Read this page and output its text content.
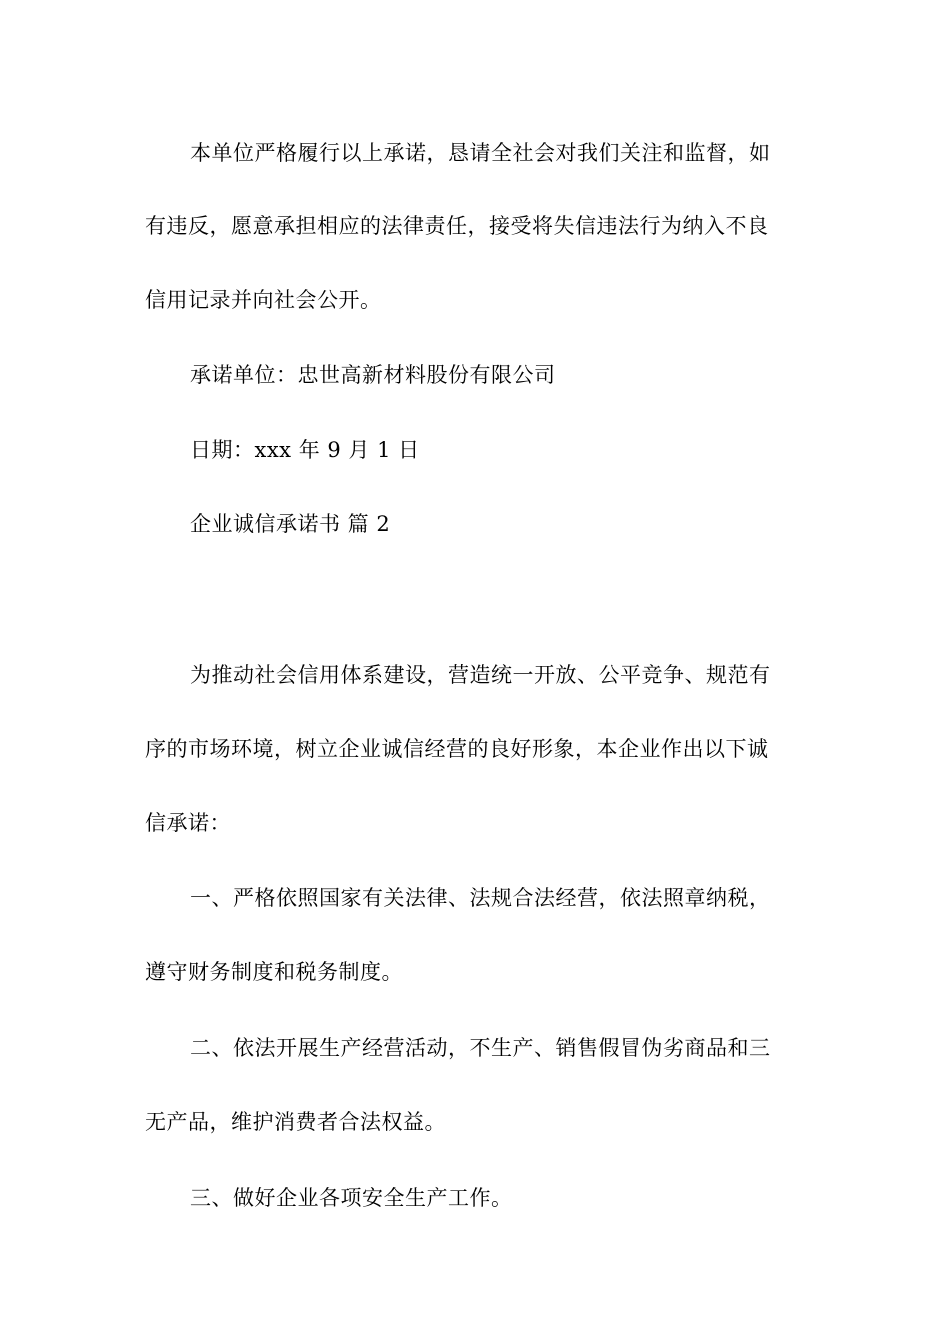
本单位严格履行以上承诺，恳请全社会对我们关注和监督，如
有违反，愿意承担相应的法律责任，接受将失信违法行为纳入不良
信用记录并向社会公开。
承诺单位：忠世高新材料股份有限公司
日期：xxx 年 9 月 1 日
企业诚信承诺书 篇 2
为推动社会信用体系建设，营造统一开放、公平竞争、规范有
序的市场环境，树立企业诚信经营的良好形象，本企业作出以下诚
信承诺：
一、严格依照国家有关法律、法规合法经营，依法照章纳税，
遵守财务制度和税务制度。
二、依法开展生产经营活动，不生产、销售假冒伪劣商品和三
无产品，维护消费者合法权益。
三、做好企业各项安全生产工作。
